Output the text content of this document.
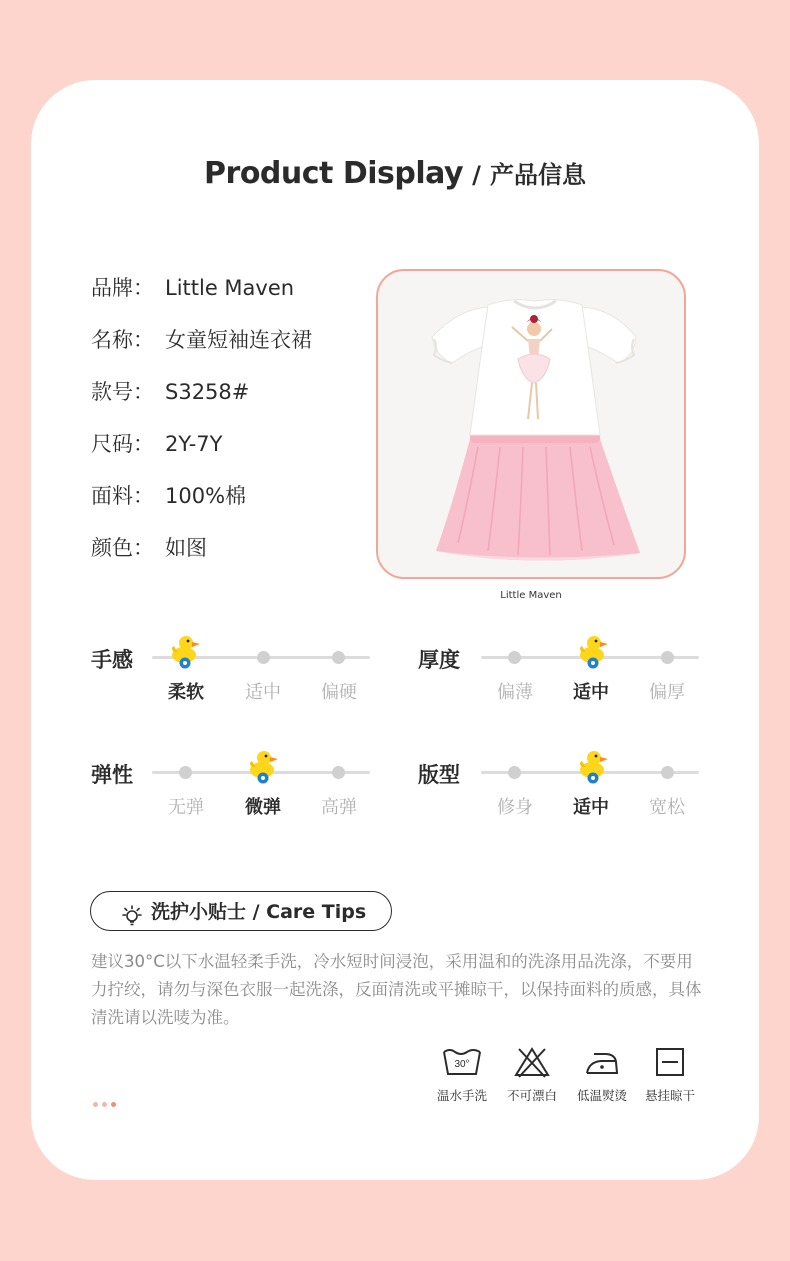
Product Display / 产品信息
品牌： Little Maven
名称： 女童短袖连衣裙
款号： S3258#
尺码： 2Y-7Y
面料： 100%棉
颜色： 如图
Little Maven
手感
柔软	适中	偏硬
厚度
偏薄	适中	偏厚
弹性
无弹	微弹	高弹
版型
修身	适中	宽松
洗护小贴士 / Care Tips
建议30°C以下水温轻柔手洗，冷水短时间浸泡，采用温和的洗涤用品洗涤，不要用力拧绞，请勿与深色衣服一起洗涤，反面清洗或平摊晾干，以保持面料的质感，具体清洗请以洗唛为准。
30°
温水手洗	不可漂白	低温熨烫	悬挂晾干
